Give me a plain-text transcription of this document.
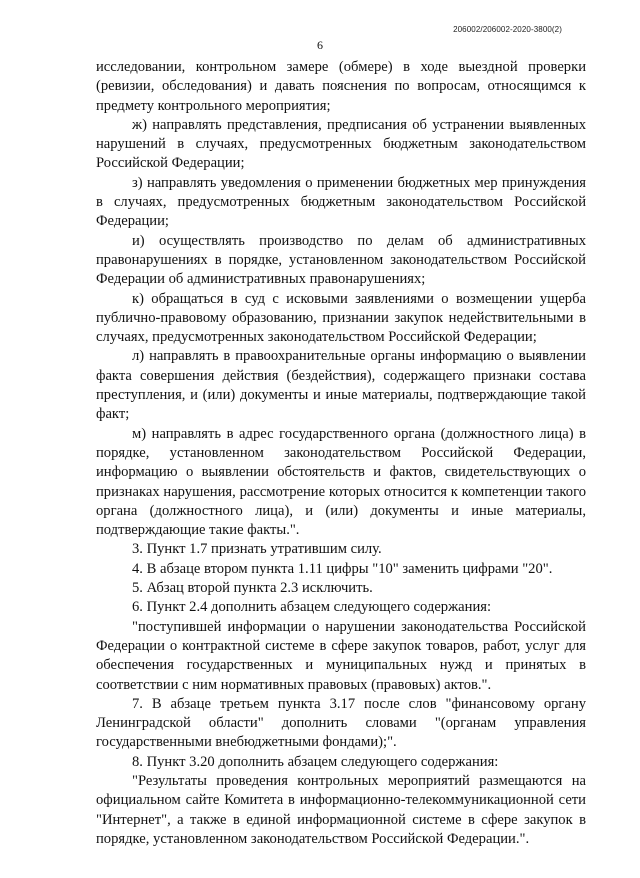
206002/206002-2020-3800(2)
6

исследовании, контрольном замере (обмере) в ходе выездной проверки (ревизии, обследования) и давать пояснения по вопросам, относящимся к предмету контрольного мероприятия;

ж) направлять представления, предписания об устранении выявленных нарушений в случаях, предусмотренных бюджетным законодательством Российской Федерации;

з) направлять уведомления о применении бюджетных мер принуждения в случаях, предусмотренных бюджетным законодательством Российской Федерации;

и) осуществлять производство по делам об административных правонарушениях в порядке, установленном законодательством Российской Федерации об административных правонарушениях;

к) обращаться в суд с исковыми заявлениями о возмещении ущерба публично-правовому образованию, признании закупок недействительными в случаях, предусмотренных законодательством Российской Федерации;

л) направлять в правоохранительные органы информацию о выявлении факта совершения действия (бездействия), содержащего признаки состава преступления, и (или) документы и иные материалы, подтверждающие такой факт;

м) направлять в адрес государственного органа (должностного лица) в порядке, установленном законодательством Российской Федерации, информацию о выявлении обстоятельств и фактов, свидетельствующих о признаках нарушения, рассмотрение которых относится к компетенции такого органа (должностного лица), и (или) документы и иные материалы, подтверждающие такие факты.".

3. Пункт 1.7 признать утратившим силу.

4. В абзаце втором пункта 1.11 цифры "10" заменить цифрами "20".

5. Абзац второй пункта 2.3 исключить.

6. Пункт 2.4 дополнить абзацем следующего содержания:

"поступившей информации о нарушении законодательства Российской Федерации о контрактной системе в сфере закупок товаров, работ, услуг для обеспечения государственных и муниципальных нужд и принятых в соответствии с ним нормативных правовых (правовых) актов.".

7. В абзаце третьем пункта 3.17 после слов "финансовому органу Ленинградской области" дополнить словами "(органам управления государственными внебюджетными фондами);".

8. Пункт 3.20 дополнить абзацем следующего содержания:

"Результаты проведения контрольных мероприятий размещаются на официальном сайте Комитета в информационно-телекоммуникационной сети "Интернет", а также в единой информационной системе в сфере закупок в порядке, установленном законодательством Российской Федерации.".
